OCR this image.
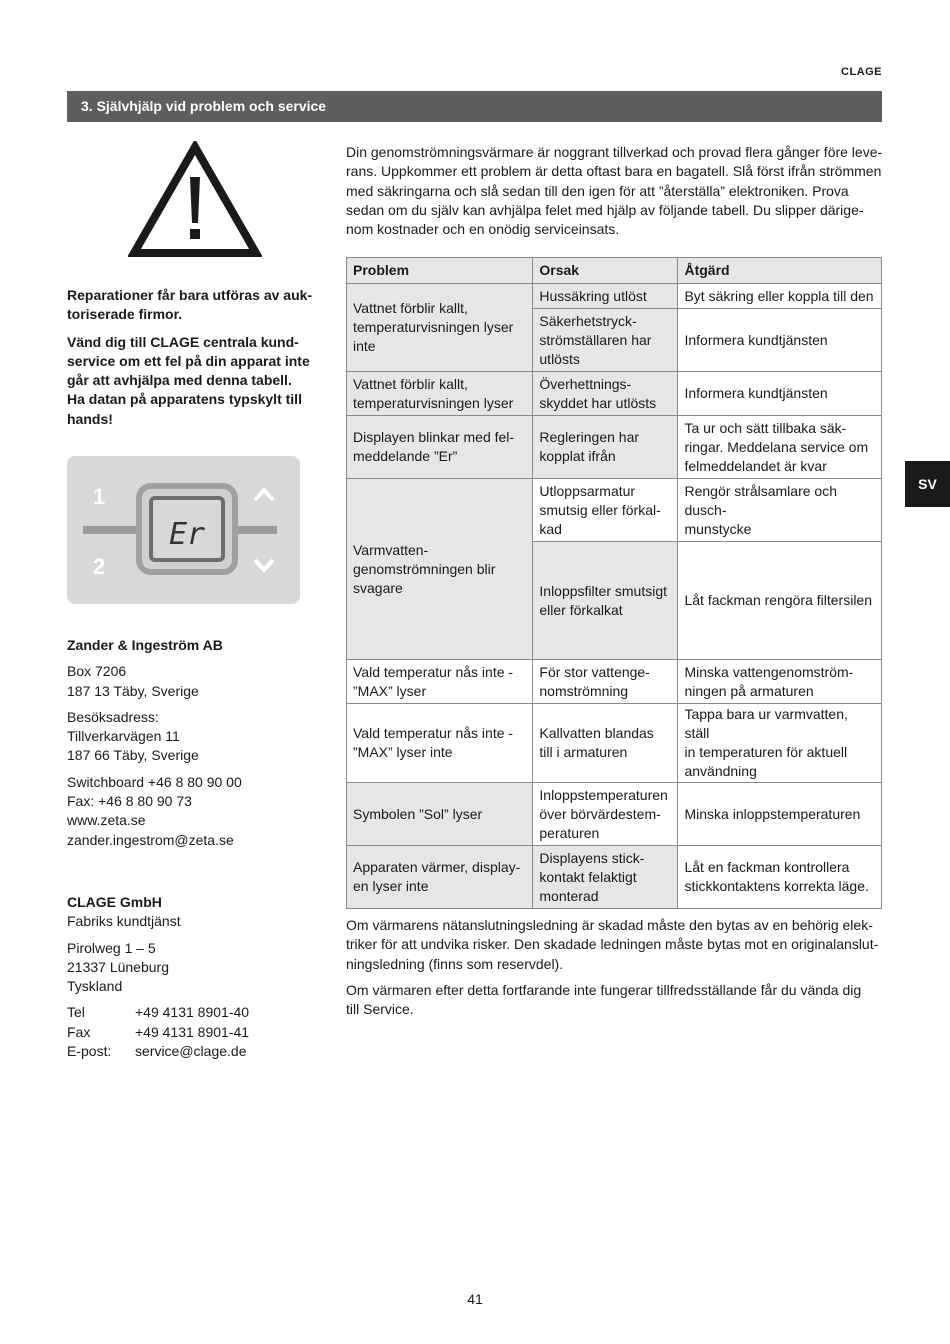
CLAGE
3. Självhjälp vid problem och service

Reparationer får bara utföras av auk-
toriserade firmor.

Vänd dig till CLAGE centrala kund-
service om ett fel på din apparat inte
går att avhjälpa med denna tabell.
Ha datan på apparatens typskylt till
hands!

Er
1
2

Zander & Ingeström AB

Box 7206
187 13 Täby, Sverige

Besöksadress:
Tillverkarvägen 11
187 66 Täby, Sverige

Switchboard +46 8 80 90 00
Fax: +46 8 80 90 73
www.zeta.se
zander.ingestrom@zeta.se

CLAGE GmbH

Fabriks kundtjänst

Pirolweg 1 – 5
21337 Lüneburg
Tyskland

Tel	+49 4131 8901-40
Fax	+49 4131 8901-41
E-post:	service@clage.de
Din genomströmningsvärmare är noggrant tillverkad och provad flera gånger före leve-
rans. Uppkommer ett problem är detta oftast bara en bagatell. Slå först ifrån strömmen
med säkringarna och slå sedan till den igen för att ”återställa” elektroniken. Prova
sedan om du själv kan avhjälpa felet med hjälp av följande tabell. Du slipper därige-
nom kostnader och en onödig serviceinsats.
Problem	Orsak	Åtgärd
Vattnet förblir kallt,
temperaturvisningen lyser
inte	Hussäkring utlöst	Byt säkring eller koppla till den
	Säkerhetstryck-
strömställaren har
utlösts	Informera kundtjänsten
Vattnet förblir kallt,
temperaturvisningen lyser	Överhettnings-
skyddet har utlösts	Informera kundtjänsten
Displayen blinkar med fel-
meddelande ”Er”	Regleringen har
kopplat ifrån	Ta ur och sätt tillbaka säk-
ringar. Meddelana service om
felmeddelandet är kvar
Varmvatten-
genomströmningen blir
svagare	Utloppsarmatur
smutsig eller förkal-
kad	Rengör strålsamlare och dusch-
munstycke
	Inloppsfilter smutsigt
eller förkalkat	Låt fackman rengöra filtersilen
Vald temperatur nås inte -
”MAX” lyser	För stor vattenge-
nomströmning	Minska vattengenomström-
ningen på armaturen
Vald temperatur nås inte -
”MAX” lyser inte	Kallvatten blandas
till i armaturen	Tappa bara ur varmvatten, ställ
in temperaturen för aktuell
användning
Symbolen ”Sol” lyser	Inloppstemperaturen
över börvärdestem-
peraturen	Minska inloppstemperaturen
Apparaten värmer, display-
en lyser inte	Displayens stick-
kontakt felaktigt
monterad	Låt en fackman kontrollera
stickkontaktens korrekta läge.

Om värmarens nätanslutningsledning är skadad måste den bytas av en behörig elek-
triker för att undvika risker. Den skadade ledningen måste bytas mot en originalanslut-
ningsledning (finns som reservdel).

Om värmaren efter detta fortfarande inte fungerar tillfredsställande får du vända dig
till Service.

SV
41
